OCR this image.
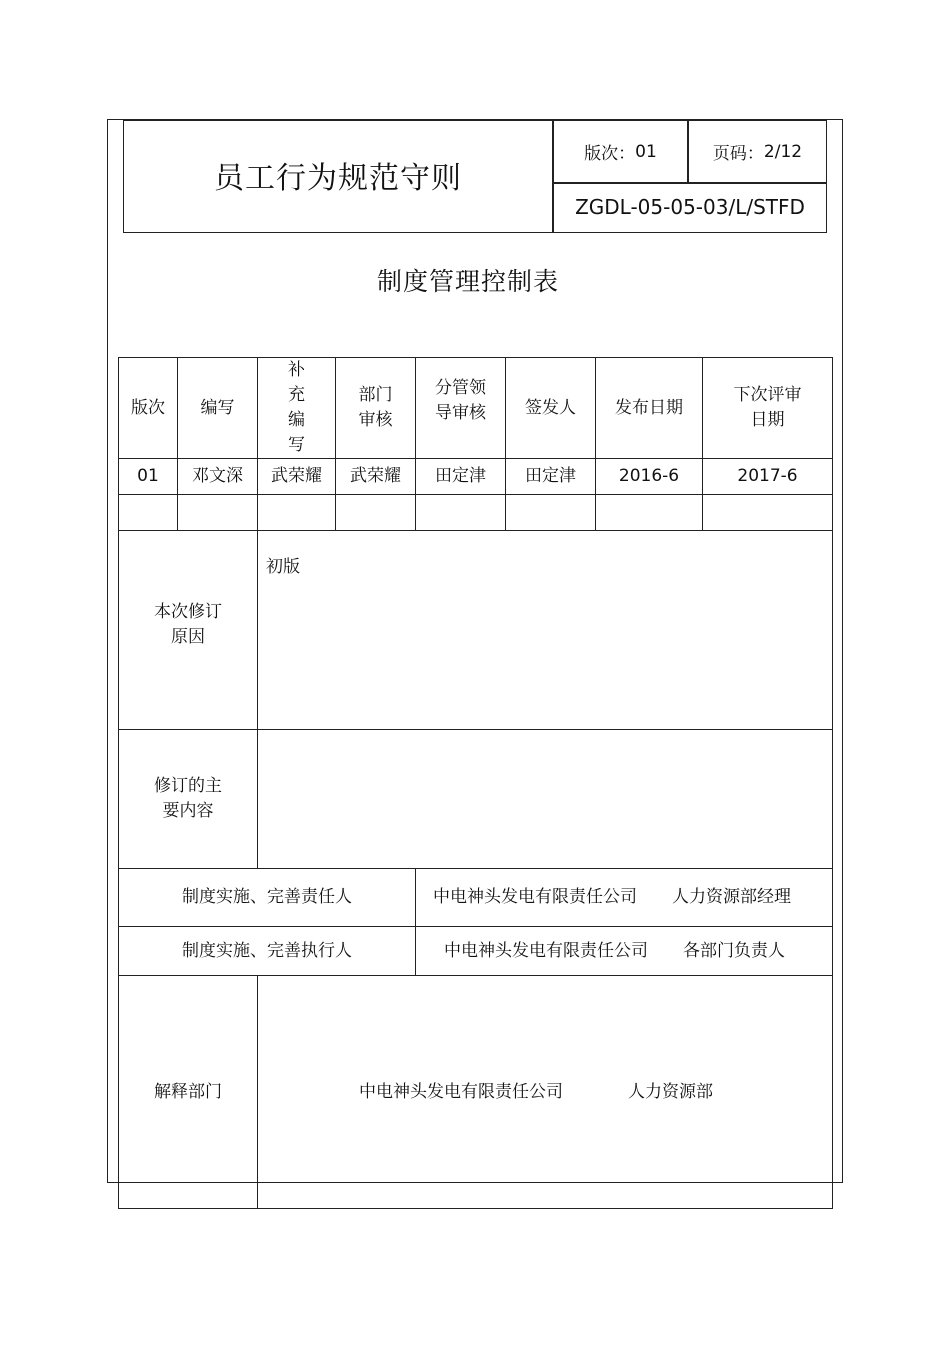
员工行为规范守则
版次： 01	页码： 2/12
ZGDL-05-05-03/L/STFD
制度管理控制表
版次	编写	补充编写	部门审核	分管领导审核	签发人	发布日期	下次评审日期
01	邓文深	武荣耀	武荣耀	田定津	田定津	2016-6	2017-6

本次修订原因		初版					
修订的主要内容							
制度实施、完善责任人				中电神头发电有限责任公司 人力资源部经理			
制度实施、完善执行人				中电神头发电有限责任公司 各部门负责人			
解释部门		中电神头发电有限责任公司 人力资源部					
